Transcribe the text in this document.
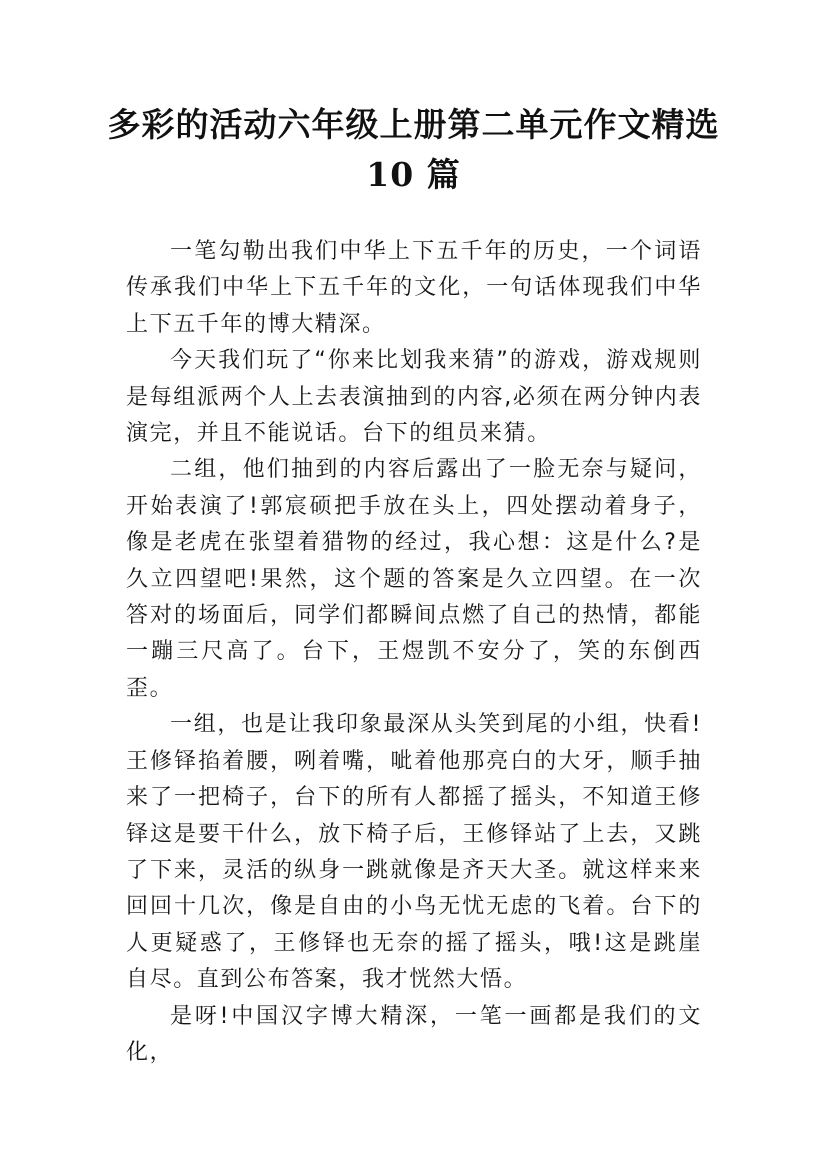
多彩的活动六年级上册第二单元作文精选
10 篇

一笔勾勒出我们中华上下五千年的历史，一个词语传承我们中华上下五千年的文化，一句话体现我们中华上下五千年的博大精深。

今天我们玩了“你来比划我来猜”的游戏，游戏规则是每组派两个人上去表演抽到的内容,必须在两分钟内表演完，并且不能说话。台下的组员来猜。

二组，他们抽到的内容后露出了一脸无奈与疑问，开始表演了!郭宸硕把手放在头上，四处摆动着身子，像是老虎在张望着猎物的经过，我心想：这是什么?是久立四望吧!果然，这个题的答案是久立四望。在一次答对的场面后，同学们都瞬间点燃了自己的热情，都能一蹦三尺高了。台下，王煜凯不安分了，笑的东倒西歪。

一组，也是让我印象最深从头笑到尾的小组，快看!王修铎掐着腰，咧着嘴，呲着他那亮白的大牙，顺手抽来了一把椅子，台下的所有人都摇了摇头，不知道王修铎这是要干什么，放下椅子后，王修铎站了上去，又跳了下来，灵活的纵身一跳就像是齐天大圣。就这样来来回回十几次，像是自由的小鸟无忧无虑的飞着。台下的人更疑惑了，王修铎也无奈的摇了摇头，哦!这是跳崖自尽。直到公布答案，我才恍然大悟。

是呀!中国汉字博大精深，一笔一画都是我们的文化，
